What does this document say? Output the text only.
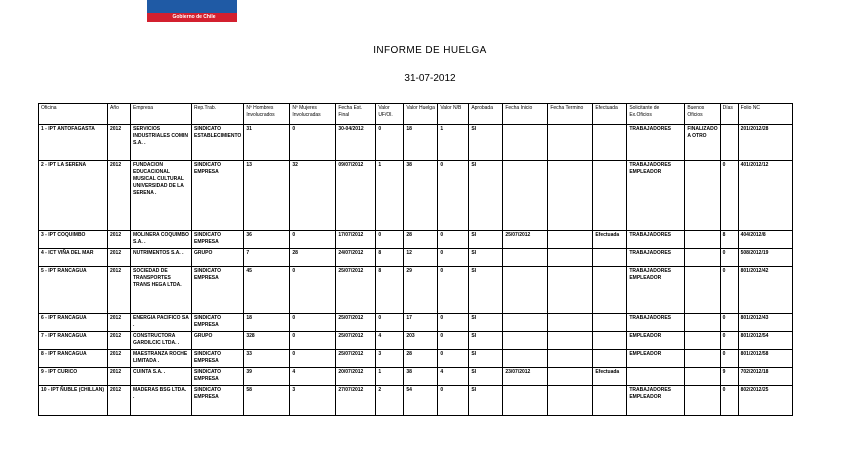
Gobierno de Chile
INFORME DE HUELGA
31-07-2012
Oficina	Año	Empresa	Rep.Trab.	Nº Hombres Involucrados	Nº Mujeres Involucradas	Fecha Est. Final	Valor UF/Ol.	Valor Huelga	Valor N/B	Aprobada	Fecha Inicio	Fecha Termino	Efectuada	Solicitante de Ex.Oficios	Buenos Oficios	Días	Folio NC
1 - IPT ANTOFAGASTA	2012	SERVICIOS INDUSTRIALES COMIN S.A. .	SINDICATO ESTABLECIMIENTO	31	0	30-04/2012	0	18	1	SI				TRABAJADORES	FINALIZADO A OTRO		201/2012/28
2 - IPT LA SERENA	2012	FUNDACION EDUCACIONAL MUSICAL CULTURAL UNIVERSIDAD DE LA SERENA .	SINDICATO EMPRESA	13	32	09/07/2012	1	38	0	SI				TRABAJADORES EMPLEADOR		0	401/2012/12
3 - IPT COQUIMBO	2012	MOLINERA COQUIMBO S.A. .	SINDICATO EMPRESA	36	0	17/07/2012	0	28	0	SI	25/07/2012		Efectuada	TRABAJADORES		8	404/2012/8
4 - ICT VIÑA DEL MAR	2012	NUTRIMENTOS S.A. .	GRUPO	7	28	24/07/2012	8	12	0	SI				TRABAJADORES		0	508/2012/19
5 - IPT RANCAGUA	2012	SOCIEDAD DE TRANSPORTES TRANS HEGA LTDA.	SINDICATO EMPRESA	45	0	25/07/2012	8	29	0	SI				TRABAJADORES EMPLEADOR		0	801/2012/42
6 - IPT RANCAGUA	2012	ENERGIA PACIFICO SA .	SINDICATO EMPRESA	18	0	25/07/2012	0	17	0	SI				TRABAJADORES		0	801/2012/43
7 - IPT RANCAGUA	2012	CONSTRUCTORA GARDILCIC LTDA. .	GRUPO	328	0	25/07/2012	4	203	0	SI				EMPLEADOR		0	801/2012/54
8 - IPT RANCAGUA	2012	MAESTRANZA ROCHE LIMITADA .	SINDICATO EMPRESA	33	0	25/07/2012	3	28	0	SI				EMPLEADOR		0	801/2012/58
9 - IPT CURICO	2012	CUINTA S.A. .	SINDICATO EMPRESA	39	4	20/07/2012	1	38	4	SI	23/07/2012		Efectuada			9	702/2012/18
10 - IPT ÑUBLE (CHILLAN)	2012	MADERAS BSG LTDA. .	SINDICATO EMPRESA	58	3	27/07/2012	2	54	0	SI				TRABAJADORES EMPLEADOR		0	802/2012/25
